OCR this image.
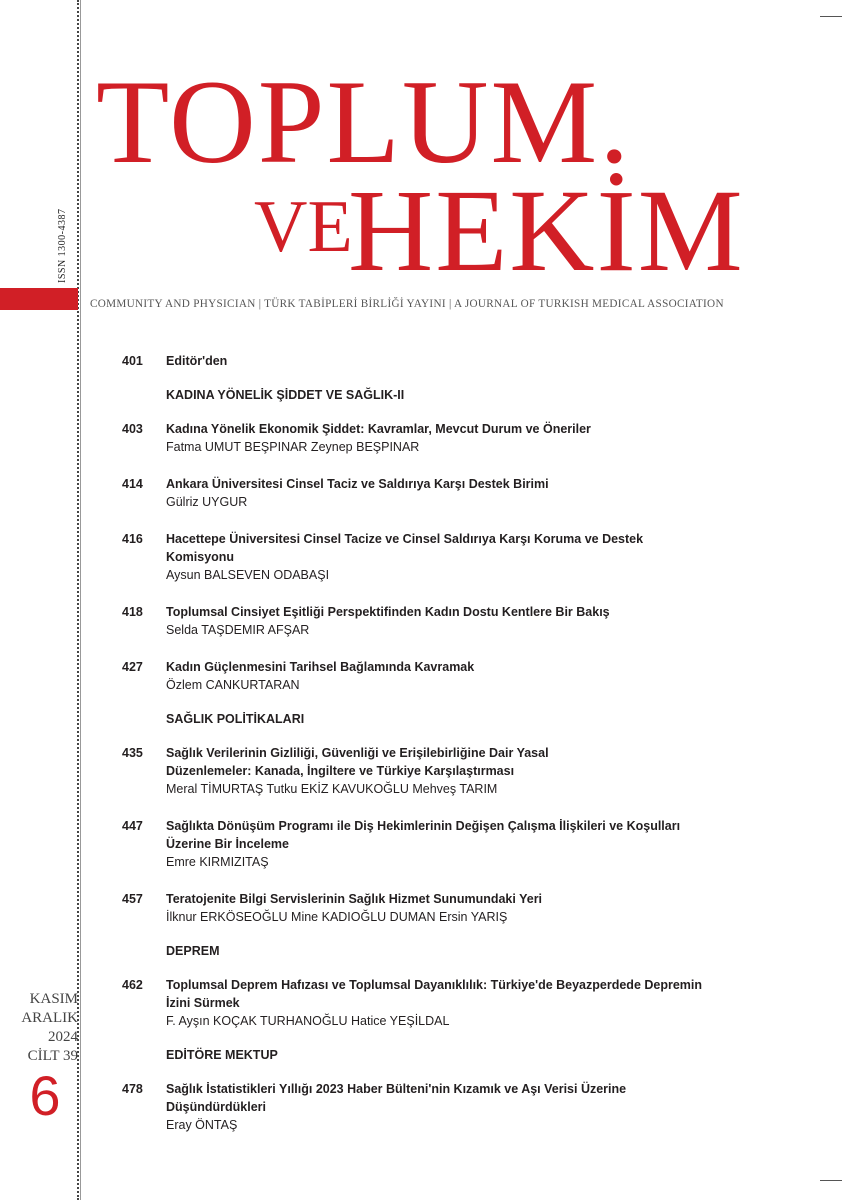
ISSN 1300-4387
TOPLUM.
VE
HEKİM
COMMUNITY AND PHYSICIAN | TÜRK TABİPLERİ BİRLİĞİ YAYINI | A JOURNAL OF TURKISH MEDICAL ASSOCIATION
401 Editör'den
KADINA YÖNELİK ŞİDDET VE SAĞLIK-II
403 Kadına Yönelik Ekonomik Şiddet: Kavramlar, Mevcut Durum ve Öneriler
Fatma UMUT BEŞPINAR Zeynep BEŞPINAR
414 Ankara Üniversitesi Cinsel Taciz ve Saldırıya Karşı Destek Birimi
Gülriz UYGUR
416 Hacettepe Üniversitesi Cinsel Tacize ve Cinsel Saldırıya Karşı Koruma ve Destek Komisyonu
Aysun BALSEVEN ODABAŞI
418 Toplumsal Cinsiyet Eşitliği Perspektifinden Kadın Dostu Kentlere Bir Bakış
Selda TAŞDEMIR AFŞAR
427 Kadın Güçlenmesini Tarihsel Bağlamında Kavramak
Özlem CANKURTARAN
SAĞLIK POLİTİKALARI
435 Sağlık Verilerinin Gizliliği, Güvenliği ve Erişilebirliğine Dair Yasal Düzenlemeler: Kanada, İngiltere ve Türkiye Karşılaştırması
Meral TİMURTAŞ Tutku EKİZ KAVUKOĞLU Mehveş TARIM
447 Sağlıkta Dönüşüm Programı ile Diş Hekimlerinin Değişen Çalışma İlişkileri ve Koşulları Üzerine Bir İnceleme
Emre KIRMIZITAŞ
457 Teratojenite Bilgi Servislerinin Sağlık Hizmet Sunumundaki Yeri
İlknur ERKÖSEOĞLU Mine KADIOĞLU DUMAN Ersin YARIŞ
DEPREM
462 Toplumsal Deprem Hafızası ve Toplumsal Dayanıklılık: Türkiye'de Beyazperdede Depremin İzini Sürmek
F. Ayşın KOÇAK TURHANOĞLU Hatice YEŞİLDAL
EDİTÖRE MEKTUP
478 Sağlık İstatistikleri Yıllığı 2023 Haber Bülteni'nin Kızamık ve Aşı Verisi Üzerine Düşündürdükleri
Eray ÖNTAŞ
KASIM
ARALIK
2024
CİLT 39
6
